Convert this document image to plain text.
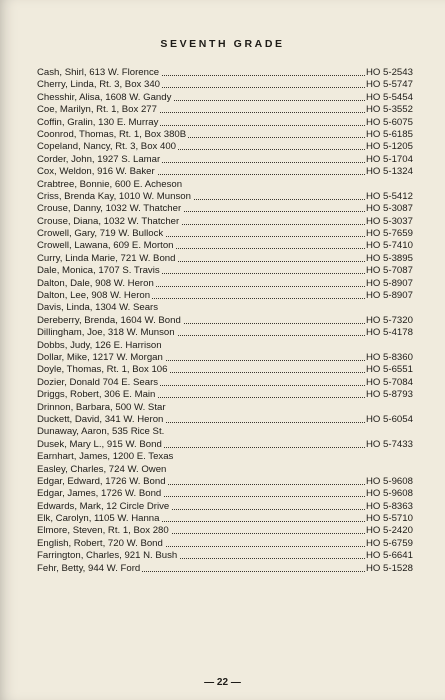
SEVENTH GRADE
Cash, Shirl, 613 W. Florence	HO 5-2543
Cherry, Linda, Rt. 3, Box 340	HO 5-5747
Chesshir, Alisa, 1608 W. Gandy	HO 5-5454
Coe, Marilyn, Rt. 1, Box 277	HO 5-3552
Coffin, Gralin, 130 E. Murray	HO 5-6075
Coonrod, Thomas, Rt. 1, Box 380B	HO 5-6185
Copeland, Nancy, Rt. 3, Box 400	HO 5-1205
Corder, John, 1927 S. Lamar	HO 5-1704
Cox, Weldon, 916 W. Baker	HO 5-1324
Crabtree, Bonnie, 600 E. Acheson
Criss, Brenda Kay, 1010 W. Munson	HO 5-5412
Crouse, Danny, 1032 W. Thatcher	HO 5-3087
Crouse, Diana, 1032 W. Thatcher	HO 5-3037
Crowell, Gary, 719 W. Bullock	HO 5-7659
Crowell, Lawana, 609 E. Morton	HO 5-7410
Curry, Linda Marie, 721 W. Bond	HO 5-3895
Dale, Monica, 1707 S. Travis	HO 5-7087
Dalton, Dale, 908 W. Heron	HO 5-8907
Dalton, Lee, 908 W. Heron	HO 5-8907
Davis, Linda, 1304 W. Sears
Dereberry, Brenda, 1604 W. Bond	HO 5-7320
Dillingham, Joe, 318 W. Munson	HO 5-4178
Dobbs, Judy, 126 E. Harrison
Dollar, Mike, 1217 W. Morgan	HO 5-8360
Doyle, Thomas, Rt. 1, Box 106	HO 5-6551
Dozier, Donald 704 E. Sears	HO 5-7084
Driggs, Robert, 306 E. Main	HO 5-8793
Drinnon, Barbara, 500 W. Star
Duckett, David, 341 W. Heron	HO 5-6054
Dunaway, Aaron, 535 Rice St.
Dusek, Mary L., 915 W. Bond	HO 5-7433
Earnhart, James, 1200 E. Texas
Easley, Charles, 724 W. Owen
Edgar, Edward, 1726 W. Bond	HO 5-9608
Edgar, James, 1726 W. Bond	HO 5-9608
Edwards, Mark, 12 Circle Drive	HO 5-8363
Elk, Carolyn, 1105 W. Hanna	HO 5-5710
Elmore, Steven, Rt. 1, Box 280	HO 5-2420
English, Robert, 720 W. Bond	HO 5-6759
Farrington, Charles, 921 N. Bush	HO 5-6641
Fehr, Betty, 944 W. Ford	HO 5-1528
— 22 —
